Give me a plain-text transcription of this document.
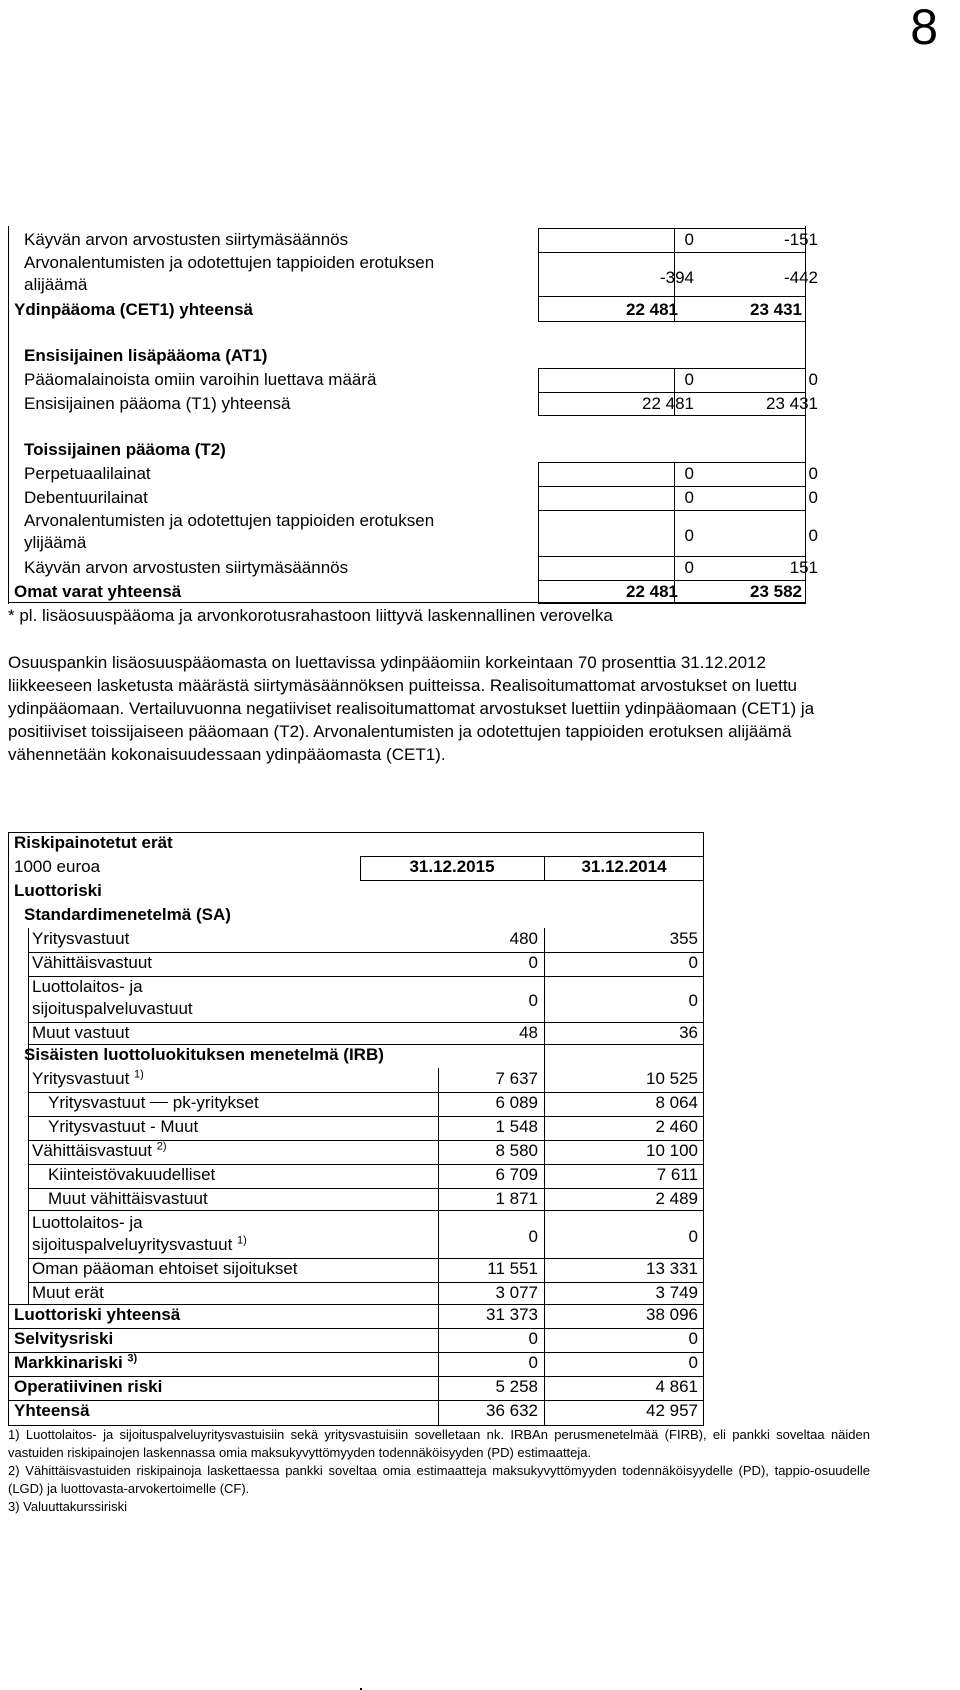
8
Käyvän arvon arvostusten siirtymäsäännös	0	-151
Arvonalentumisten ja odotettujen tappioiden erotuksen
alijäämä	-394	-442
Ydinpääoma (CET1) yhteensä	22 481	23 431
Ensisijainen lisäpääoma (AT1)
Pääomalainoista omiin varoihin luettava määrä	0	0
Ensisijainen pääoma (T1) yhteensä	22 481	23 431
Toissijainen pääoma (T2)
Perpetuaalilainat	0	0
Debentuurilainat	0	0
Arvonalentumisten ja odotettujen tappioiden erotuksen
ylijäämä	0	0
Käyvän arvon arvostusten siirtymäsäännös	0	151
Omat varat yhteensä	22 481	23 582
* pl. lisäosuuspääoma ja arvonkorotusrahastoon liittyvä laskennallinen verovelka
Osuuspankin lisäosuuspääomasta on luettavissa ydinpääomiin korkeintaan 70 prosenttia 31.12.2012 liikkeeseen lasketusta määrästä siirtymäsäännöksen puitteissa. Realisoitumattomat arvostukset on luettu ydinpääomaan. Vertailuvuonna negatiiviset realisoitumattomat arvostukset luettiin ydinpääomaan (CET1) ja positiiviset toissijaiseen pääomaan (T2). Arvonalentumisten ja odotettujen tappioiden erotuksen alijäämä vähennetään kokonaisuudessaan ydinpääomasta (CET1).
Riskipainotetut erät
1000 euroa	31.12.2015	31.12.2014
Luottoriski
Standardimenetelmä (SA)
Yritysvastuut	480	355
Vähittäisvastuut	0	0
Luottolaitos- ja
sijoituspalveluvastuut	0	0
Muut vastuut	48	36
Sisäisten luottoluokituksen menetelmä (IRB)
Yritysvastuut $^{1)}$	7 637	10 525
Yritysvastuut  pk-yritykset	6 089	8 064
Yritysvastuut - Muut	1 548	2 460
Vähittäisvastuut $^{2)}$	8 580	10 100
Kiinteistövakuudelliset	6 709	7 611
Muut vähittäisvastuut	1 871	2 489
Luottolaitos- ja
sijoituspalveluyritysvastuut $^{1)}$	0	0
Oman pääoman ehtoiset sijoitukset	11 551	13 331
Muut erät	3 077	3 749
Luottoriski yhteensä	31 373	38 096
Selvitysriski	0	0
Markkinariski $^{3)}$	0	0
Operatiivinen riski	5 258	4 861
Yhteensä	36 632	42 957
1) Luottolaitos- ja sijoituspalveluyritysvastuisiin sekä yritysvastuisiin sovelletaan nk. IRBAn perusmenetelmää (FIRB), eli pankki soveltaa näiden vastuiden riskipainojen laskennassa omia maksukyvyttömyyden todennäköisyyden (PD) estimaatteja.
2) Vähittäisvastuiden riskipainoja laskettaessa pankki soveltaa omia estimaatteja maksukyvyttömyyden todennäköisyydelle (PD), tappio-osuudelle (LGD) ja luottovasta-arvokertoimelle (CF).
3) Valuuttakurssiriski
